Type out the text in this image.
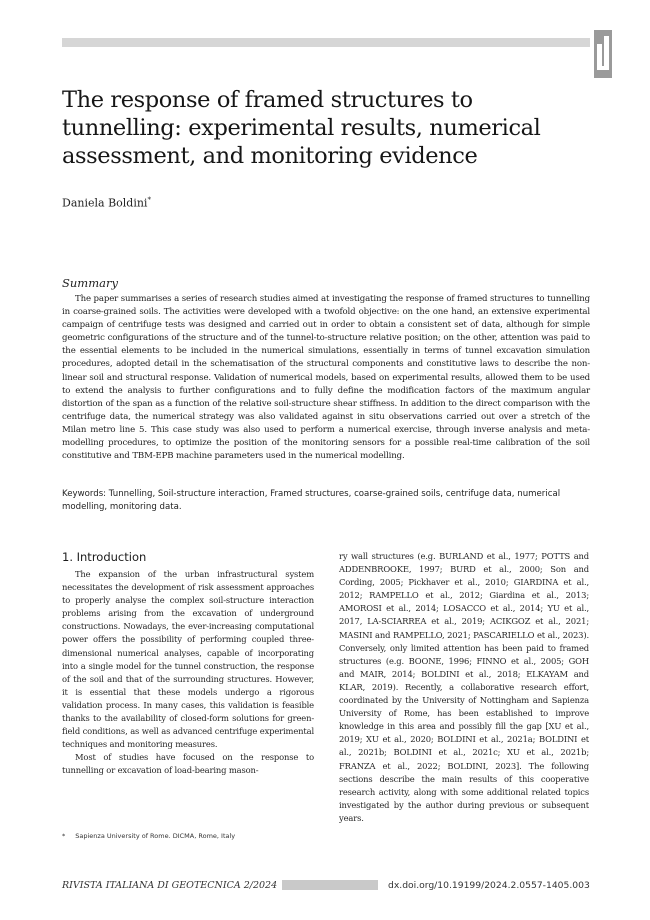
The response of framed structures to tunnelling: experimental results, numerical assessment, and monitoring evidence
Daniela Boldini*
Summary

The paper summarises a series of research studies aimed at investigating the response of framed structures to tunnelling in coarse-grained soils. The activities were developed with a twofold objective: on the one hand, an extensive experimental campaign of centrifuge tests was designed and carried out in order to obtain a consistent set of data, although for simple geometric configurations of the structure and of the tunnel-to-structure relative position; on the other, attention was paid to the essential elements to be included in the numerical simulations, essentially in terms of tunnel excavation simulation procedures, adopted detail in the schematisation of the structural components and constitutive laws to describe the non-linear soil and structural response. Validation of numerical models, based on experimental results, allowed them to be used to extend the analysis to further configurations and to fully define the modification factors of the maximum angular distortion of the span as a function of the relative soil-structure shear stiffness. In addition to the direct comparison with the centrifuge data, the numerical strategy was also validated against in situ observations carried out over a stretch of the Milan metro line 5. This case study was also used to perform a numerical exercise, through inverse analysis and meta-modelling procedures, to optimize the position of the monitoring sensors for a possible real-time calibration of the soil constitutive and TBM-EPB machine parameters used in the numerical modelling.

Keywords: Tunnelling, Soil-structure interaction, Framed structures, coarse-grained soils, centrifuge data, numerical modelling, monitoring data.
1. Introduction

The expansion of the urban infrastructural system necessitates the development of risk assessment approaches to properly analyse the complex soil-structure interaction problems arising from the excavation of underground constructions. Nowadays, the ever-increasing computational power offers the possibility of performing coupled three-dimensional numerical analyses, capable of incorporating into a single model for the tunnel construction, the response of the soil and that of the surrounding structures. However, it is essential that these models undergo a rigorous validation process. In many cases, this validation is feasible thanks to the availability of closed-form solutions for green-field conditions, as well as advanced centrifuge experimental techniques and monitoring measures.

Most of studies have focused on the response to tunnelling or excavation of load-bearing mason-

ry wall structures (e.g. BURLAND et al., 1977; POTTS and ADDENBROOKE, 1997; BURD et al., 2000; Son and Cording, 2005; Pickhaver et al., 2010; GIARDINA et al., 2012; RAMPELLO et al., 2012; Giardina et al., 2013; AMOROSI et al., 2014; LOSACCO et al., 2014; YU et al., 2017, LA-SCIARREA et al., 2019; ACIKGOZ et al., 2021; MASINI and RAMPELLO, 2021; PASCARIELLO et al., 2023). Conversely, only limited attention has been paid to framed structures (e.g. BOONE, 1996; FINNO et al., 2005; GOH and MAIR, 2014; BOLDINI et al., 2018; ELKAYAM and KLAR, 2019). Recently, a collaborative research effort, coordinated by the University of Nottingham and Sapienza University of Rome, has been established to improve knowledge in this area and possibly fill the gap [XU et al., 2019; XU et al., 2020; BOLDINI et al., 2021a; BOLDINI et al., 2021b; BOLDINI et al., 2021c; XU et al., 2021b; FRANZA et al., 2022; BOLDINI, 2023]. The following sections describe the main results of this cooperative research activity, along with some additional related topics investigated by the author during previous or subsequent years.

* Sapienza University of Rome. DICMA, Rome, Italy
RIVISTA ITALIANA DI GEOTECNICA 2/2024	dx.doi.org/10.19199/2024.2.0557-1405.003
